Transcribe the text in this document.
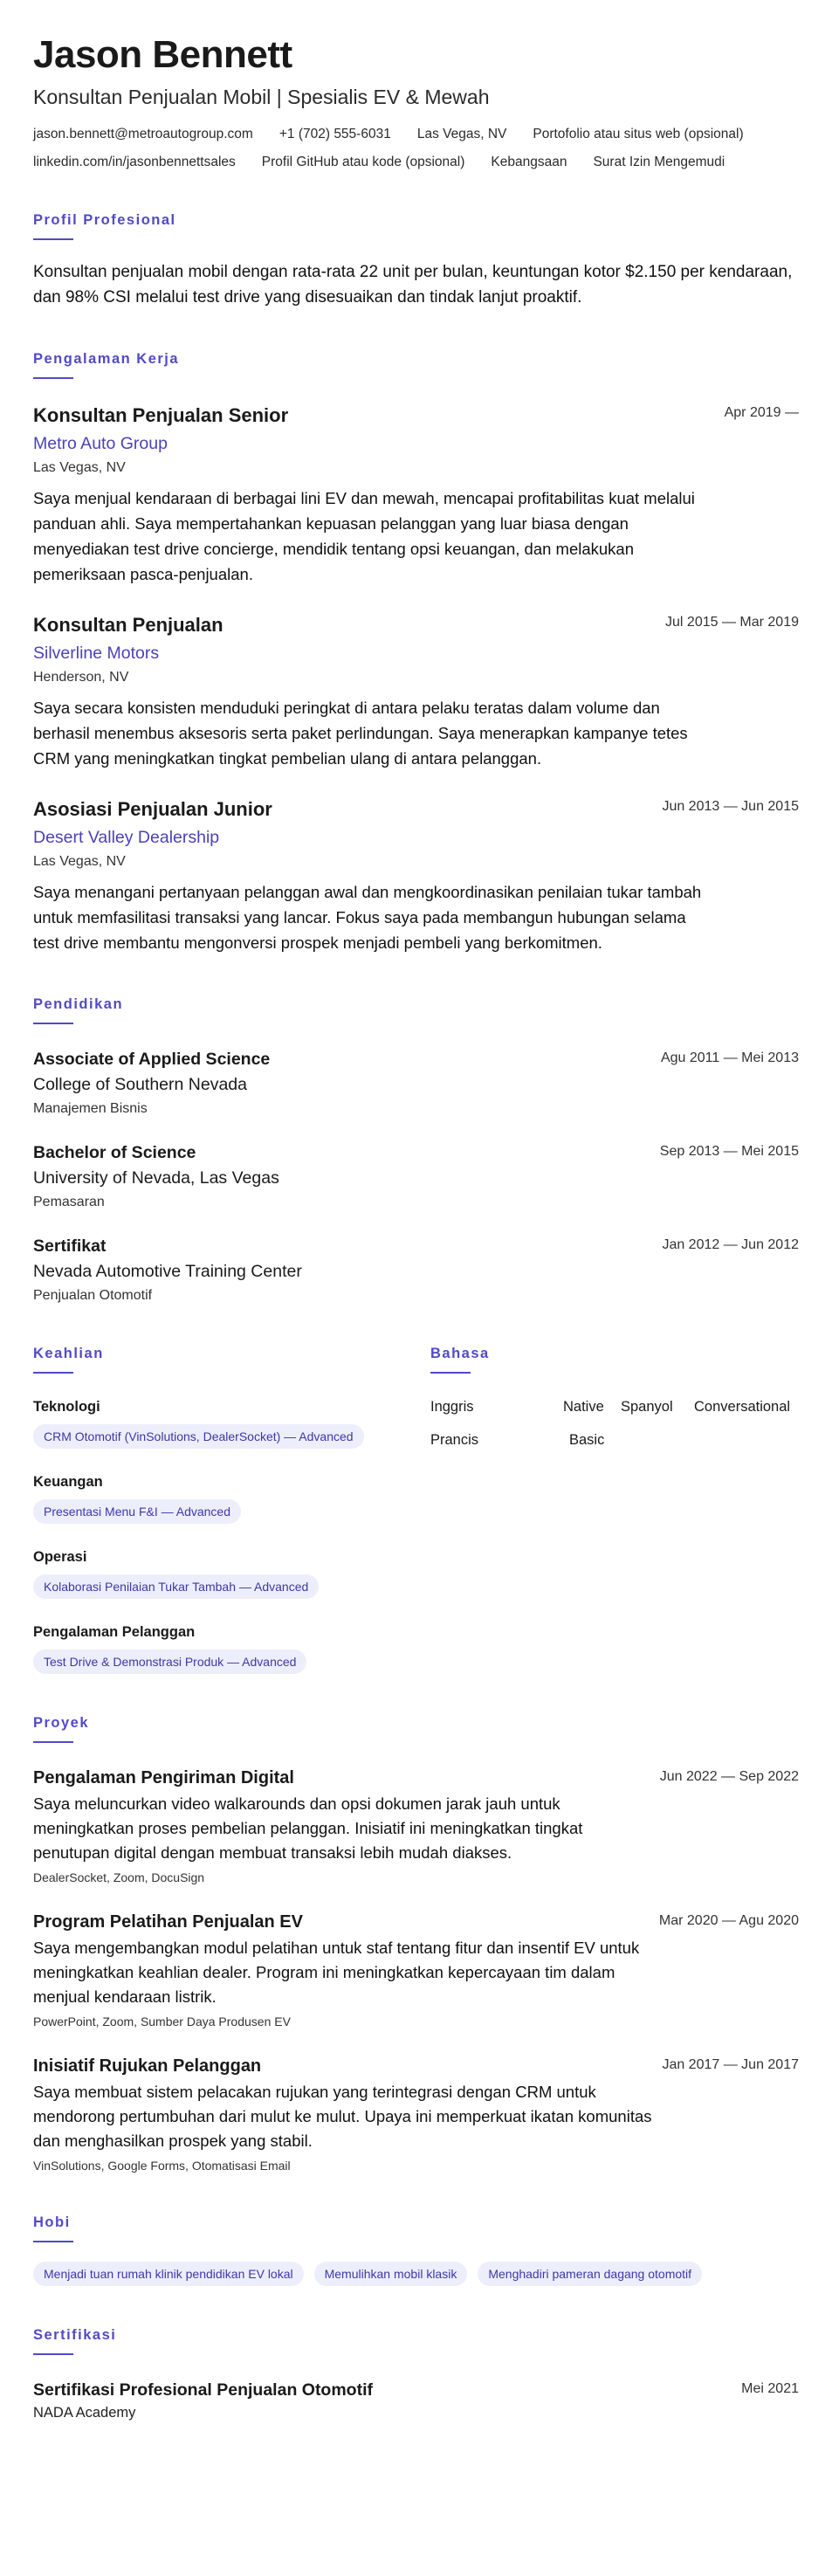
Jason Bennett
Konsultan Penjualan Mobil | Spesialis EV & Mewah
jason.bennett@metroautogroup.com +1 (702) 555-6031 Las Vegas, NV Portofolio atau situs web (opsional)
linkedin.com/in/jasonbennettsales Profil GitHub atau kode (opsional) Kebangsaan Surat Izin Mengemudi
Profil Profesional
Konsultan penjualan mobil dengan rata-rata 22 unit per bulan, keuntungan kotor $2.150 per kendaraan, dan 98% CSI melalui test drive yang disesuaikan dan tindak lanjut proaktif.
Pengalaman Kerja
Apr 2019 —
Konsultan Penjualan Senior
Metro Auto Group
Las Vegas, NV
Saya menjual kendaraan di berbagai lini EV dan mewah, mencapai profitabilitas kuat melalui panduan ahli. Saya mempertahankan kepuasan pelanggan yang luar biasa dengan menyediakan test drive concierge, mendidik tentang opsi keuangan, dan melakukan pemeriksaan pasca-penjualan.
Jul 2015 — Mar 2019
Konsultan Penjualan
Silverline Motors
Henderson, NV
Saya secara konsisten menduduki peringkat di antara pelaku teratas dalam volume dan berhasil menembus aksesoris serta paket perlindungan. Saya menerapkan kampanye tetes CRM yang meningkatkan tingkat pembelian ulang di antara pelanggan.
Jun 2013 — Jun 2015
Asosiasi Penjualan Junior
Desert Valley Dealership
Las Vegas, NV
Saya menangani pertanyaan pelanggan awal dan mengkoordinasikan penilaian tukar tambah untuk memfasilitasi transaksi yang lancar. Fokus saya pada membangun hubungan selama test drive membantu mengonversi prospek menjadi pembeli yang berkomitmen.
Pendidikan
Agu 2011 — Mei 2013
Associate of Applied Science
College of Southern Nevada
Manajemen Bisnis
Sep 2013 — Mei 2015
Bachelor of Science
University of Nevada, Las Vegas
Pemasaran
Jan 2012 — Jun 2012
Sertifikat
Nevada Automotive Training Center
Penjualan Otomotif
Keahlian
Teknologi
CRM Otomotif (VinSolutions, DealerSocket) — Advanced
Keuangan
Presentasi Menu F&I — Advanced
Operasi
Kolaborasi Penilaian Tukar Tambah — Advanced
Pengalaman Pelanggan
Test Drive & Demonstrasi Produk — Advanced
Bahasa
Inggris	Native	Spanyol	Conversational
Prancis	Basic
Proyek
Jun 2022 — Sep 2022
Pengalaman Pengiriman Digital
Saya meluncurkan video walkarounds dan opsi dokumen jarak jauh untuk meningkatkan proses pembelian pelanggan. Inisiatif ini meningkatkan tingkat penutupan digital dengan membuat transaksi lebih mudah diakses.
DealerSocket, Zoom, DocuSign
Mar 2020 — Agu 2020
Program Pelatihan Penjualan EV
Saya mengembangkan modul pelatihan untuk staf tentang fitur dan insentif EV untuk meningkatkan keahlian dealer. Program ini meningkatkan kepercayaan tim dalam menjual kendaraan listrik.
PowerPoint, Zoom, Sumber Daya Produsen EV
Jan 2017 — Jun 2017
Inisiatif Rujukan Pelanggan
Saya membuat sistem pelacakan rujukan yang terintegrasi dengan CRM untuk mendorong pertumbuhan dari mulut ke mulut. Upaya ini memperkuat ikatan komunitas dan menghasilkan prospek yang stabil.
VinSolutions, Google Forms, Otomatisasi Email
Hobi
Menjadi tuan rumah klinik pendidikan EV lokal	Memulihkan mobil klasik	Menghadiri pameran dagang otomotif
Sertifikasi
Mei 2021
Sertifikasi Profesional Penjualan Otomotif
NADA Academy
